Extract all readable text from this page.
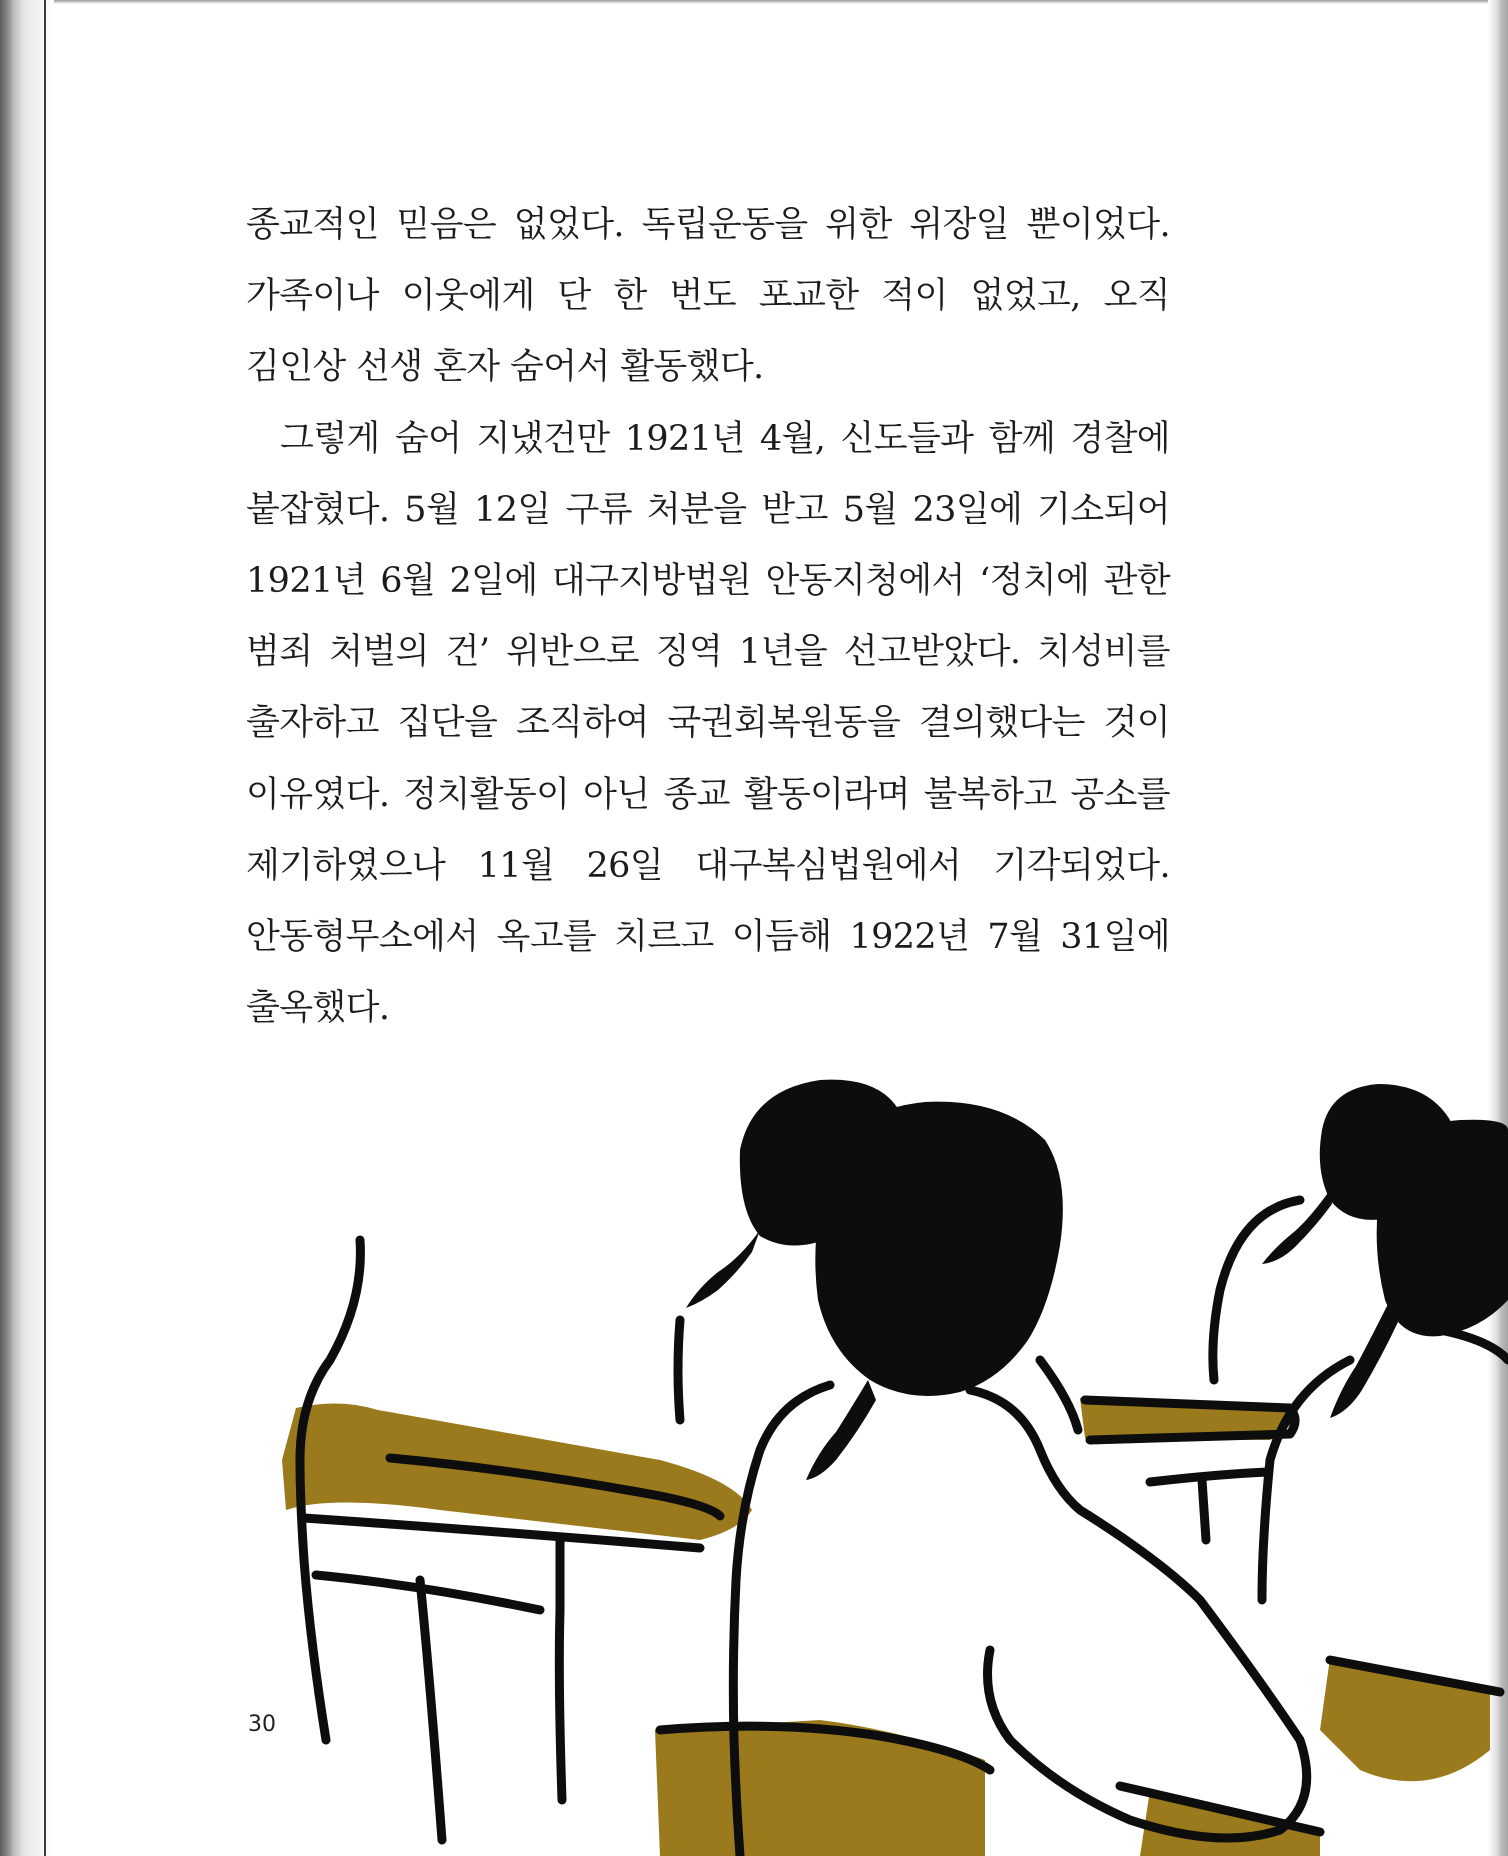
종교적인 믿음은 없었다. 독립운동을 위한 위장일 뿐이었다. 가족이나 이웃에게 단 한 번도 포교한 적이 없었고, 오직 김인상 선생 혼자 숨어서 활동했다.

그렇게 숨어 지냈건만 1921년 4월, 신도들과 함께 경찰에 붙잡혔다. 5월 12일 구류 처분을 받고 5월 23일에 기소되어 1921년 6월 2일에 대구지방법원 안동지청에서 ‘정치에 관한 범죄 처벌의 건’ 위반으로 징역 1년을 선고받았다. 치성비를 출자하고 집단을 조직하여 국권회복원동을 결의했다는 것이 이유였다. 정치활동이 아닌 종교 활동이라며 불복하고 공소를 제기하였으나 11월 26일 대구복심법원에서 기각되었다. 안동형무소에서 옥고를 치르고 이듬해 1922년 7월 31일에 출옥했다.

30
